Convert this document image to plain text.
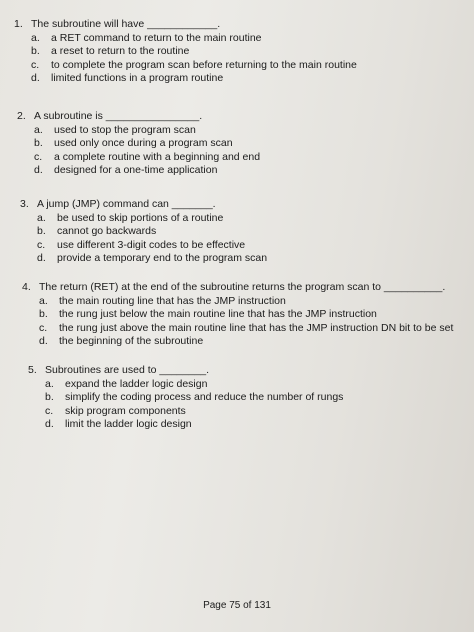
1. The subroutine will have ____________.
a.	a RET command to return to the main routine
b.	a reset to return to the routine
c.	to complete the program scan before returning to the main routine
d.	limited functions in a program routine
2. A subroutine is ________________.
a.	used to stop the program scan
b.	used only once during a program scan
c.	a complete routine with a beginning and end
d.	designed for a one-time application
3. A jump (JMP) command can _______.
a.	be used to skip portions of a routine
b.	cannot go backwards
c.	use different 3-digit codes to be effective
d.	provide a temporary end to the program scan
4. The return (RET) at the end of the subroutine returns the program scan to __________.
a.	the main routing line that has the JMP instruction
b.	the rung just below the main routine line that has the JMP instruction
c.	the rung just above the main routine line that has the JMP instruction DN bit to be set
d.	the beginning of the subroutine
5. Subroutines are used to ________.
a.	expand the ladder logic design
b.	simplify the coding process and reduce the number of rungs
c.	skip program components
d.	limit the ladder logic design
Page 75 of 131
